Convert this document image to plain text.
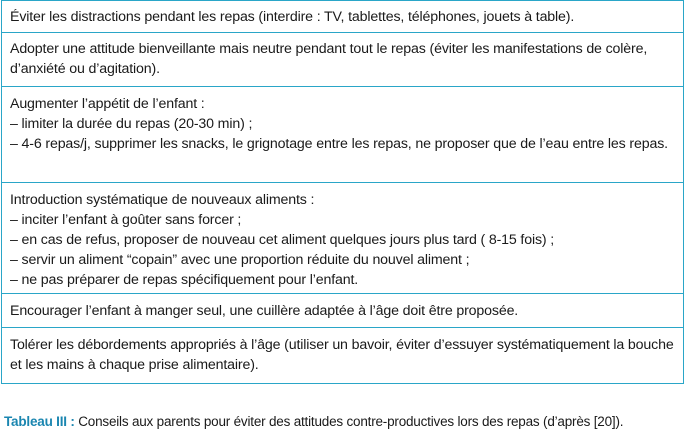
Éviter les distractions pendant les repas (interdire : TV, tablettes, téléphones, jouets à table).

Adopter une attitude bienveillante mais neutre pendant tout le repas (éviter les manifestations de colère, d’anxiété ou d’agitation).

Augmenter l’appétit de l’enfant :

– limiter la durée du repas (20-30 min) ;

– 4-6 repas/j, supprimer les snacks, le grignotage entre les repas, ne proposer que de l’eau entre les repas.

Introduction systématique de nouveaux aliments :

– inciter l’enfant à goûter sans forcer ;

– en cas de refus, proposer de nouveau cet aliment quelques jours plus tard ( 8-15 fois) ;

– servir un aliment “copain” avec une proportion réduite du nouvel aliment ;

– ne pas préparer de repas spécifiquement pour l’enfant.

Encourager l’enfant à manger seul, une cuillère adaptée à l’âge doit être proposée.

Tolérer les débordements appropriés à l’âge (utiliser un bavoir, éviter d’essuyer systématiquement la bouche et les mains à chaque prise alimentaire).

Tableau III : Conseils aux parents pour éviter des attitudes contre-productives lors des repas (d’après [20]).
